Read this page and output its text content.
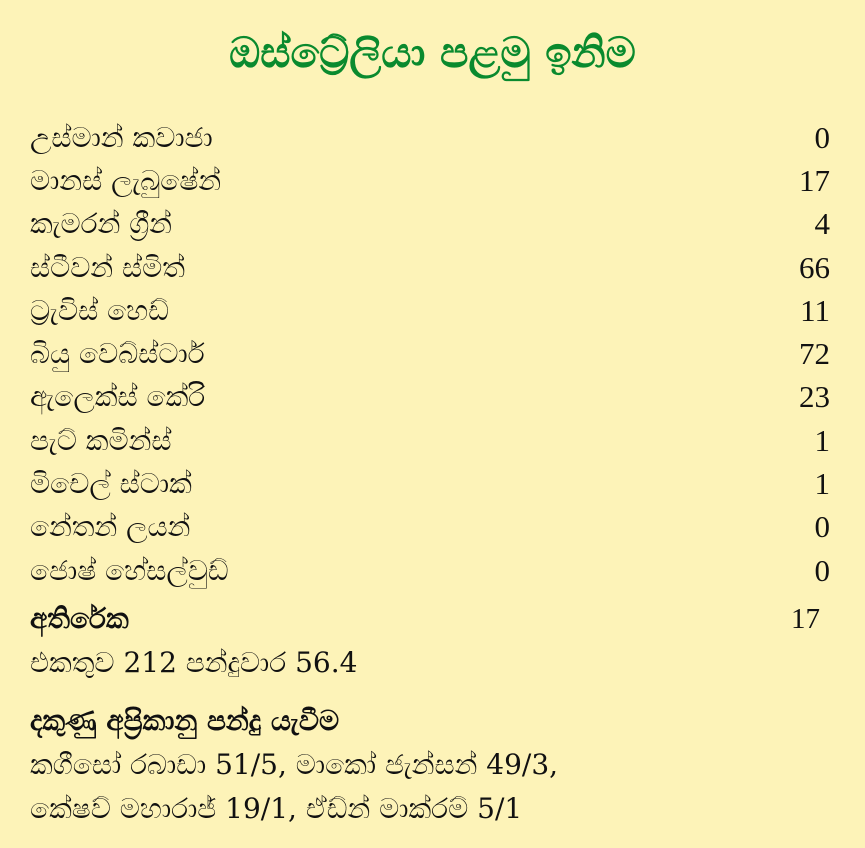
ඔස්ට්‍රේලියා පළමු ඉනිම
උස්මාන් කවාජා	0
මානස් ලැබුෂේන්	17
කැමරන් ග්‍රීන්	4
ස්ටීවන් ස්මිත්	66
ට්‍රැවිස් හෙඩ්	11
බියු වෙබ්ස්ටාර්	72
ඇලෙක්ස් කේරි	23
පැට් කමින්ස්	1
මිචෙල් ස්ටාක්	1
නේතන් ලයන්	0
ජොෂ් හේසල්වුඩ්	0
අතිරේක	17
එකතුව 212 පන්දුවාර 56.4
දකුණු අප්‍රිකානු පන්දු යැවීම
කගීසෝ රබාඩා 51/5, මාකෝ ජැන්සන් 49/3,
කේෂව් මහාරාජ් 19/1, ඒඩ්න් මාක්රම් 5/1
